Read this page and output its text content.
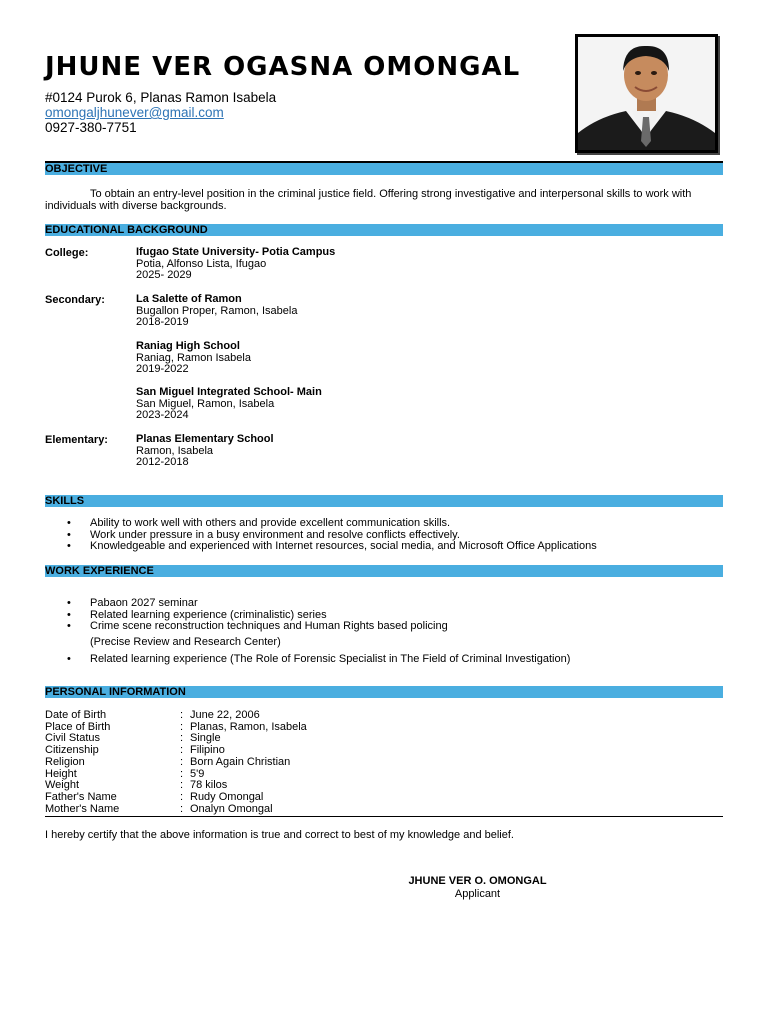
JHUNE VER OGASNA OMONGAL
#0124 Purok 6, Planas Ramon Isabela
omongaljhunever@gmail.com
0927-380-7751
OBJECTIVE
To obtain an entry-level position in the criminal justice field. Offering strong investigative and interpersonal skills to work with individuals with diverse backgrounds.
EDUCATIONAL BACKGROUND
College:	Ifugao State University- Potia Campus
Potia, Alfonso Lista, Ifugao
2025- 2029
Secondary:	La Salette of Ramon
Bugallon Proper, Ramon, Isabela
2018-2019
Raniag High School
Raniag, Ramon Isabela
2019-2022
San Miguel Integrated School- Main
San Miguel, Ramon, Isabela
2023-2024
Elementary:	Planas Elementary School
Ramon, Isabela
2012-2018
SKILLS
• Ability to work well with others and provide excellent communication skills.
• Work under pressure in a busy environment and resolve conflicts effectively.
• Knowledgeable and experienced with Internet resources, social media, and Microsoft Office Applications
WORK EXPERIENCE
• Pabaon 2027 seminar
• Related learning experience (criminalistic) series
• Crime scene reconstruction techniques and Human Rights based policing
(Precise Review and Research Center)
• Related learning experience (The Role of Forensic Specialist in The Field of Criminal Investigation)
PERSONAL INFORMATION
Date of Birth	: June 22, 2006
Place of Birth	: Planas, Ramon, Isabela
Civil Status	: Single
Citizenship	: Filipino
Religion	: Born Again Christian
Height	: 5'9
Weight	: 78 kilos
Father's Name	: Rudy Omongal
Mother's Name	: Onalyn Omongal
I hereby certify that the above information is true and correct to best of my knowledge and belief.
JHUNE VER O. OMONGAL
Applicant
